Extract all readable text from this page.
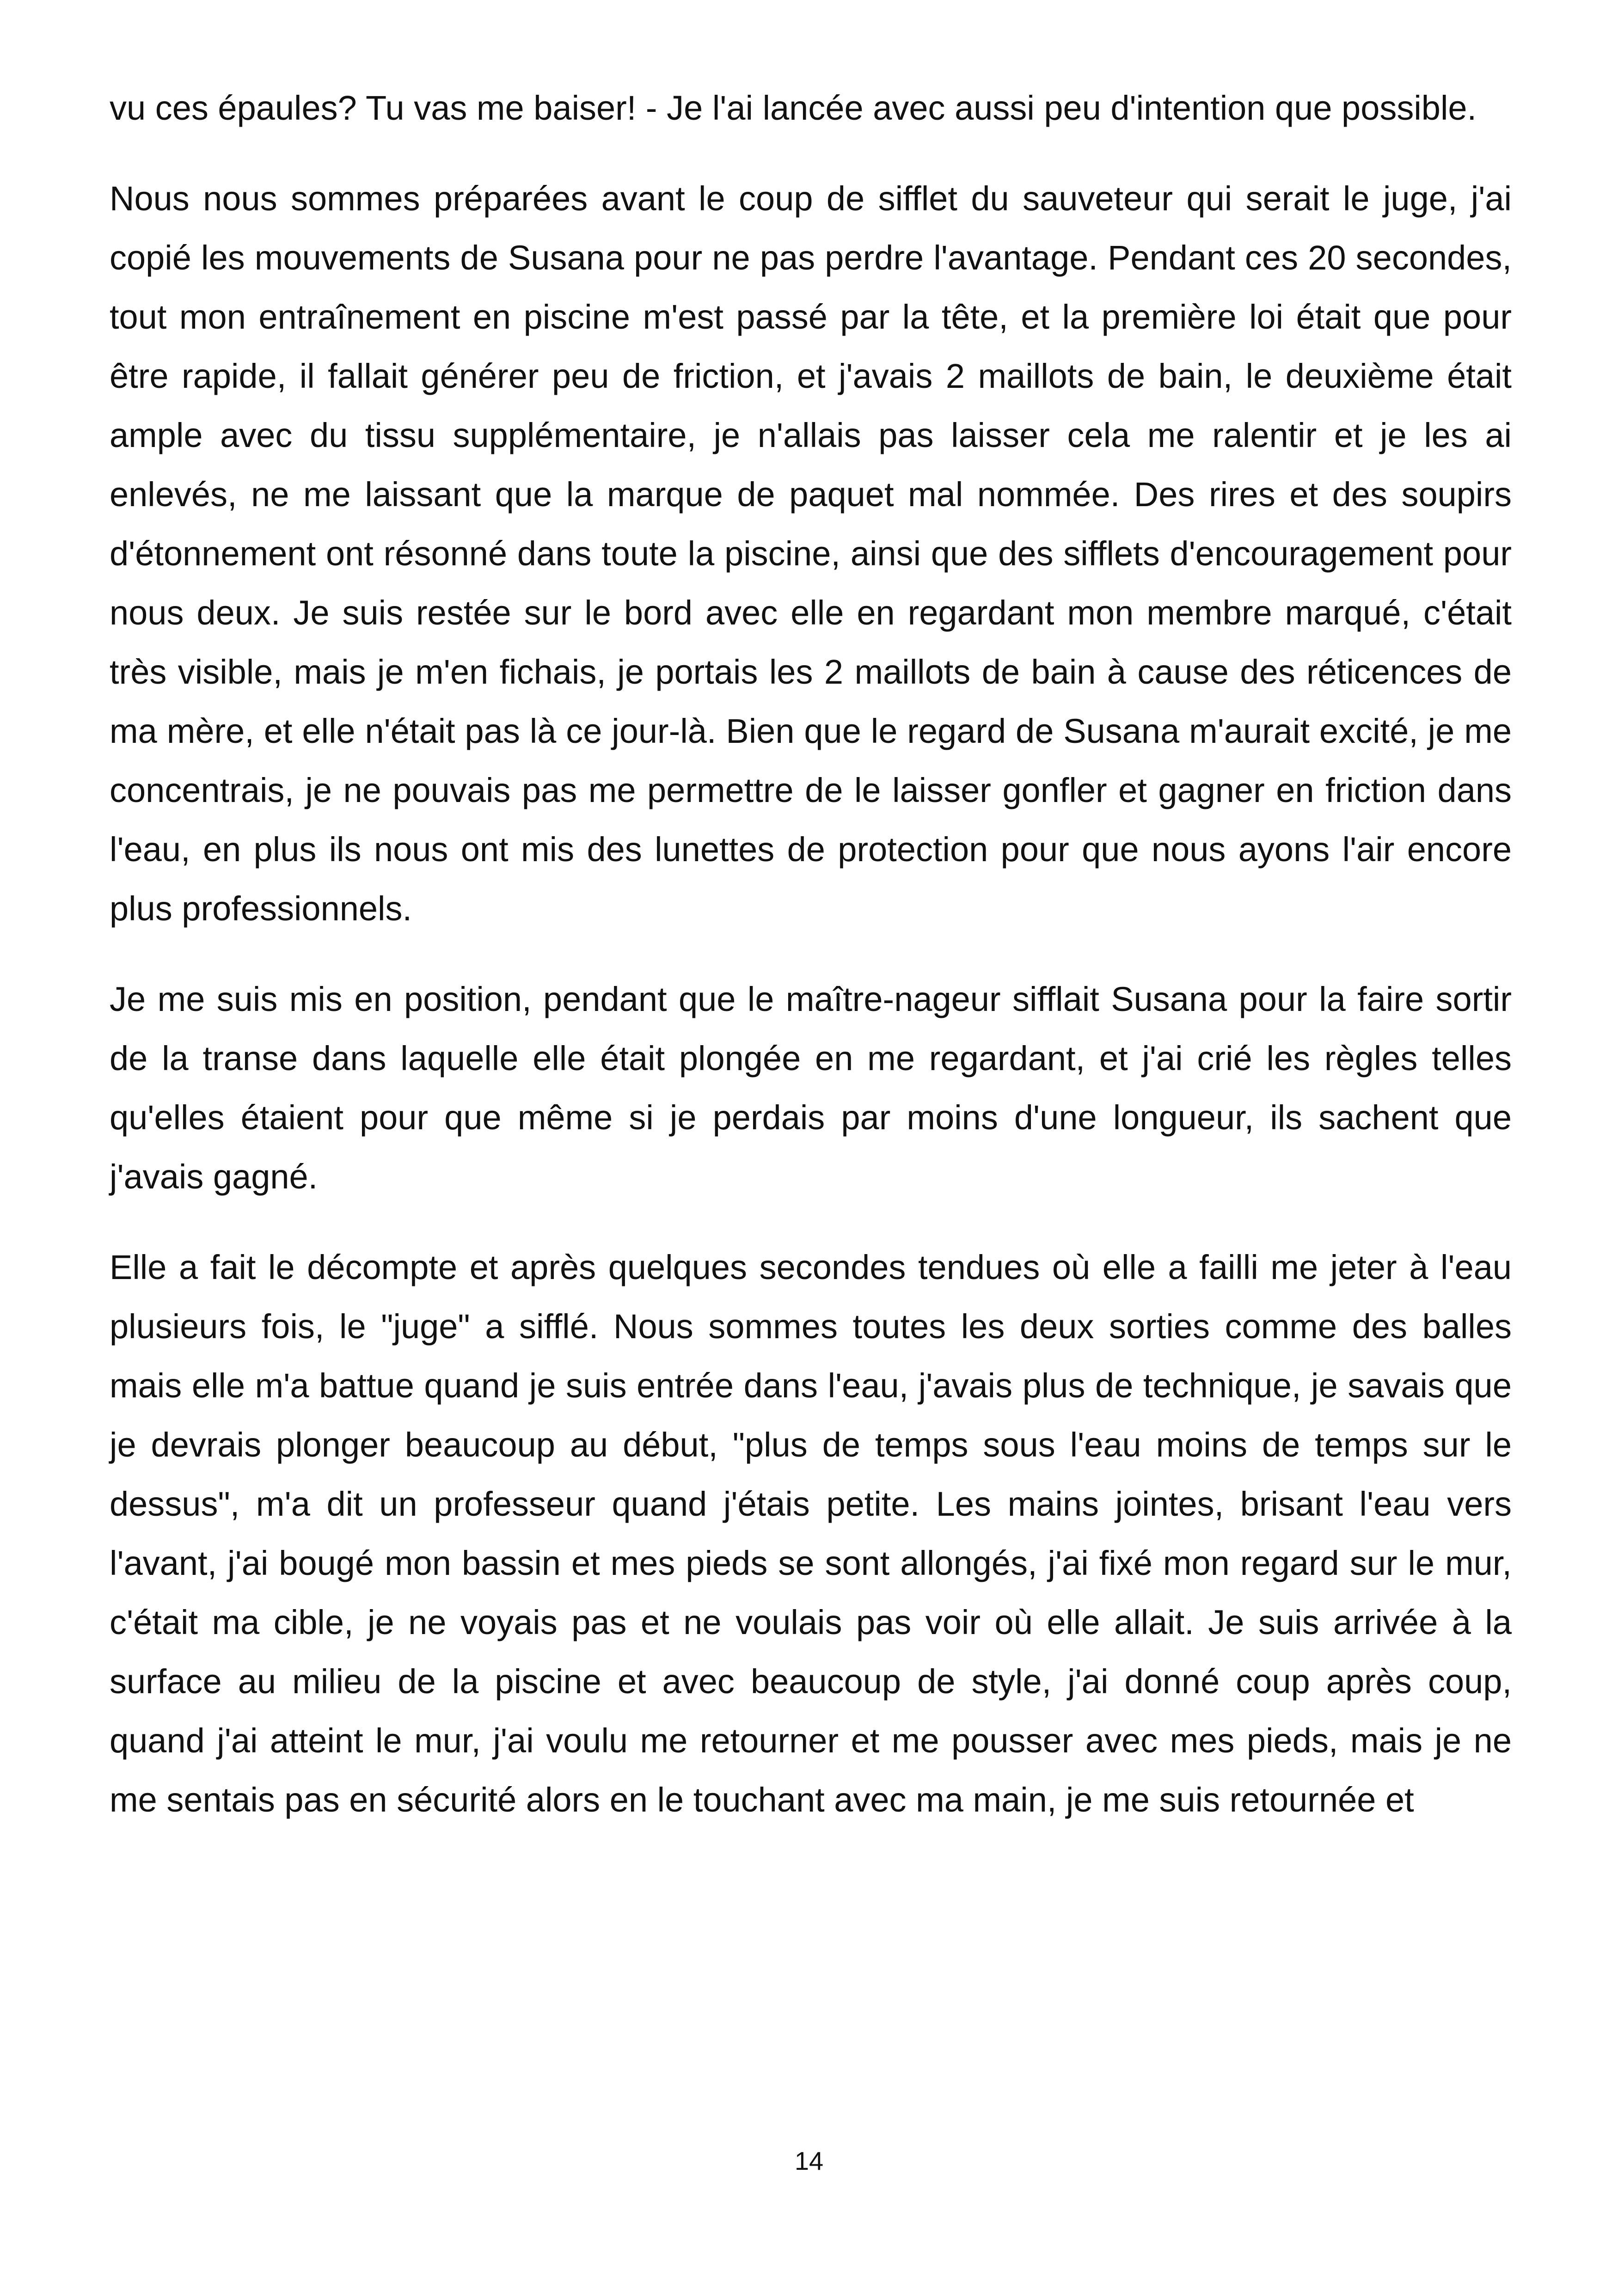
vu ces épaules? Tu vas me baiser! - Je l'ai lancée avec aussi peu d'intention que possible.

Nous nous sommes préparées avant le coup de sifflet du sauveteur qui serait le juge, j'ai copié les mouvements de Susana pour ne pas perdre l'avantage. Pendant ces 20 secondes, tout mon entraînement en piscine m'est passé par la tête, et la première loi était que pour être rapide, il fallait générer peu de friction, et j'avais 2 maillots de bain, le deuxième était ample avec du tissu supplémentaire, je n'allais pas laisser cela me ralentir et je les ai enlevés, ne me laissant que la marque de paquet mal nommée. Des rires et des soupirs d'étonnement ont résonné dans toute la piscine, ainsi que des sifflets d'encouragement pour nous deux. Je suis restée sur le bord avec elle en regardant mon membre marqué, c'était très visible, mais je m'en fichais, je portais les 2 maillots de bain à cause des réticences de ma mère, et elle n'était pas là ce jour-là. Bien que le regard de Susana m'aurait excité, je me concentrais, je ne pouvais pas me permettre de le laisser gonfler et gagner en friction dans l'eau, en plus ils nous ont mis des lunettes de protection pour que nous ayons l'air encore plus professionnels.

Je me suis mis en position, pendant que le maître-nageur sifflait Susana pour la faire sortir de la transe dans laquelle elle était plongée en me regardant, et j'ai crié les règles telles qu'elles étaient pour que même si je perdais par moins d'une longueur, ils sachent que j'avais gagné.

Elle a fait le décompte et après quelques secondes tendues où elle a failli me jeter à l'eau plusieurs fois, le "juge" a sifflé. Nous sommes toutes les deux sorties comme des balles mais elle m'a battue quand je suis entrée dans l'eau, j'avais plus de technique, je savais que je devrais plonger beaucoup au début, "plus de temps sous l'eau moins de temps sur le dessus", m'a dit un professeur quand j'étais petite. Les mains jointes, brisant l'eau vers l'avant, j'ai bougé mon bassin et mes pieds se sont allongés, j'ai fixé mon regard sur le mur, c'était ma cible, je ne voyais pas et ne voulais pas voir où elle allait. Je suis arrivée à la surface au milieu de la piscine et avec beaucoup de style, j'ai donné coup après coup, quand j'ai atteint le mur, j'ai voulu me retourner et me pousser avec mes pieds, mais je ne me sentais pas en sécurité alors en le touchant avec ma main, je me suis retournée et

14
